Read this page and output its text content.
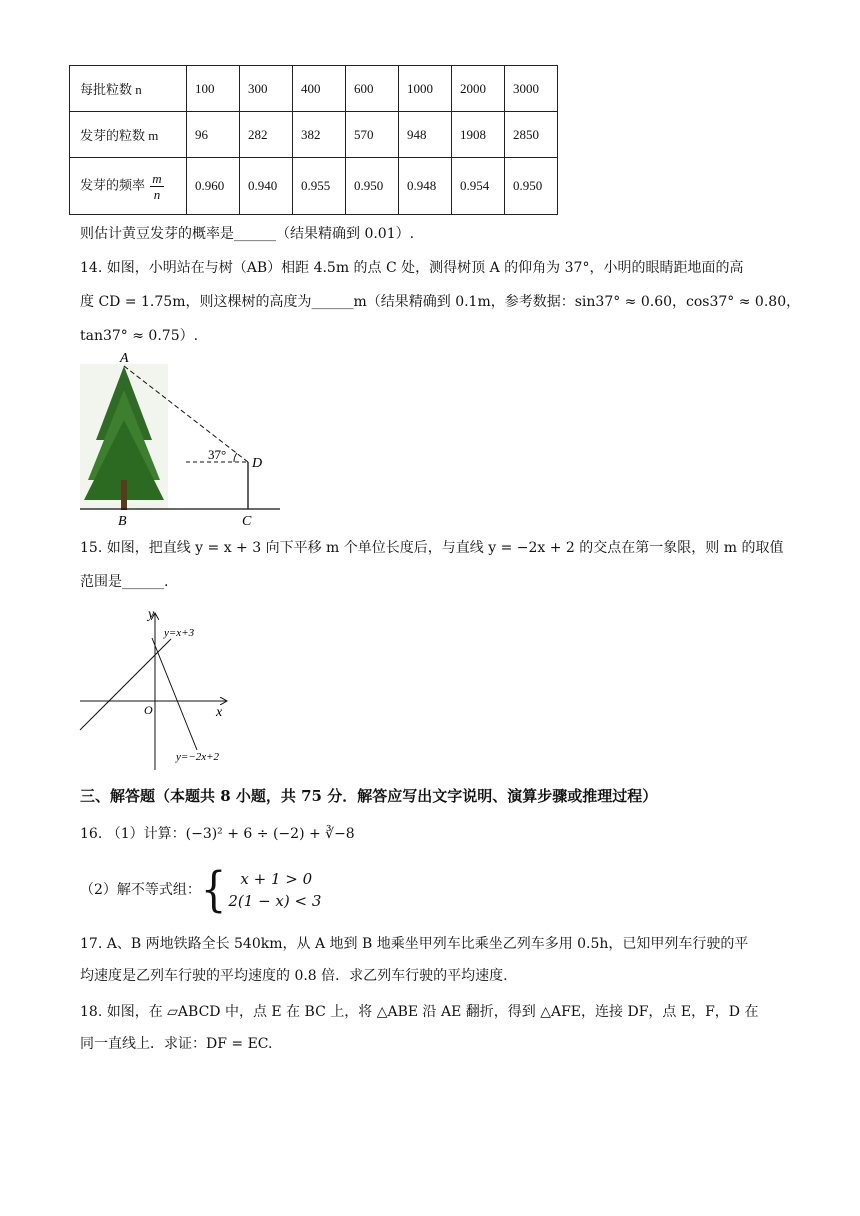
每批粒数 n	100	300	400	600	1000	2000	3000
发芽的粒数 m	96	282	382	570	948	1908	2850
发芽的频率 $\frac{m}{n}$	0.960	0.940	0.955	0.950	0.948	0.954	0.950
则估计黄豆发芽的概率是______（结果精确到 0.01）.
14. 如图，小明站在与树（AB）相距 4.5m 的点 C 处，测得树顶 A 的仰角为 37°，小明的眼睛距地面的高
度 CD = 1.75m，则这棵树的高度为______m（结果精确到 0.1m，参考数据：sin37° ≈ 0.60，cos37° ≈ 0.80，
tan37° ≈ 0.75）.
37°
A
D
B	C
15. 如图，把直线 y = x + 3 向下平移 m 个单位长度后，与直线 y = −2x + 2 的交点在第一象限，则 m 的取值
范围是______.
y
x
O
y=x+3
y=−2x+2
三、解答题（本题共 8 小题，共 75 分．解答应写出文字说明、演算步骤或推理过程）
16. （1）计算：(−3)² + 6 ÷ (−2) + ∛−8
（2）解不等式组： { x + 1 > 0
2(1 − x) < 3
17. A、B 两地铁路全长 540km，从 A 地到 B 地乘坐甲列车比乘坐乙列车多用 0.5h，已知甲列车行驶的平
均速度是乙列车行驶的平均速度的 0.8 倍．求乙列车行驶的平均速度.
18. 如图，在 ▱ABCD 中，点 E 在 BC 上，将 △ABE 沿 AE 翻折，得到 △AFE，连接 DF，点 E，F，D 在
同一直线上．求证：DF = EC.
